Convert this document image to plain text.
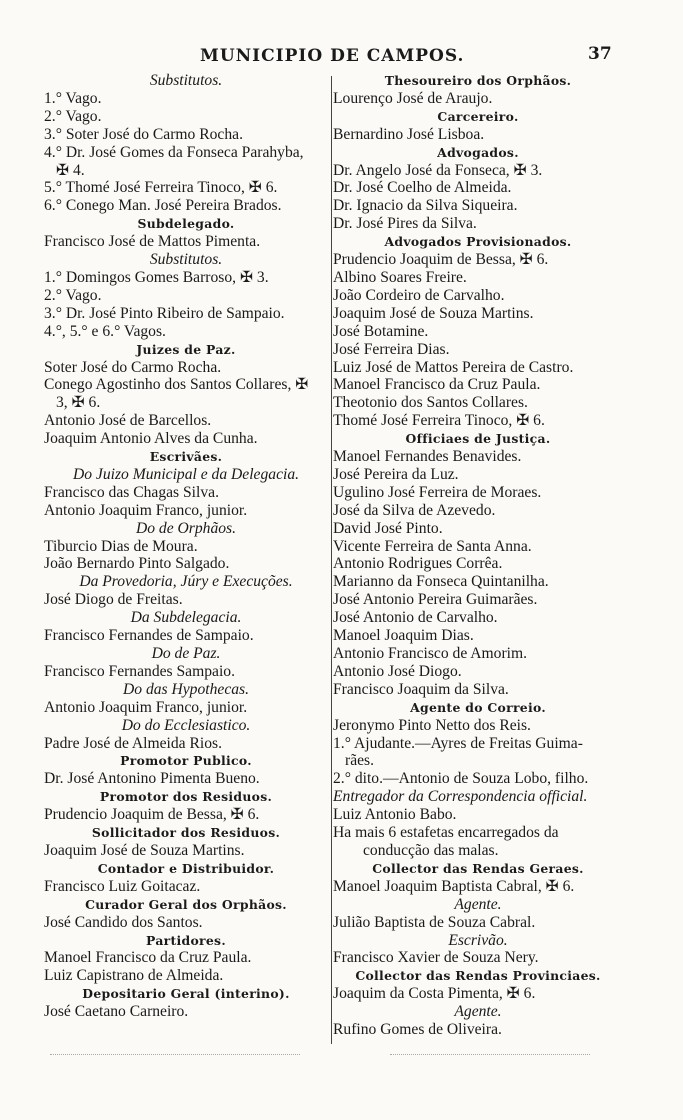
MUNICIPIO DE CAMPOS.	37
Substitutos.
1.° Vago.
2.° Vago.
3.° Soter José do Carmo Rocha.
4.° Dr. José Gomes da Fonseca Parahyba,
✠ 4.
5.° Thomé José Ferreira Tinoco, ✠ 6.
6.° Conego Man. José Pereira Brados.
Subdelegado.
Francisco José de Mattos Pimenta.
Substitutos.
1.° Domingos Gomes Barroso, ✠ 3.
2.° Vago.
3.° Dr. José Pinto Ribeiro de Sampaio.
4.°, 5.° e 6.° Vagos.
Juizes de Paz.
Soter José do Carmo Rocha.
Conego Agostinho dos Santos Collares, ✠
3, ✠ 6.
Antonio José de Barcellos.
Joaquim Antonio Alves da Cunha.
Escrivães.
Do Juizo Municipal e da Delegacia.
Francisco das Chagas Silva.
Antonio Joaquim Franco, junior.
Do de Orphãos.
Tiburcio Dias de Moura.
João Bernardo Pinto Salgado.
Da Provedoria, Júry e Execuções.
José Diogo de Freitas.
Da Subdelegacia.
Francisco Fernandes de Sampaio.
Do de Paz.
Francisco Fernandes Sampaio.
Do das Hypothecas.
Antonio Joaquim Franco, junior.
Do do Ecclesiastico.
Padre José de Almeida Rios.
Promotor Publico.
Dr. José Antonino Pimenta Bueno.
Promotor dos Residuos.
Prudencio Joaquim de Bessa, ✠ 6.
Sollicitador dos Residuos.
Joaquim José de Souza Martins.
Contador e Distribuidor.
Francisco Luiz Goitacaz.
Curador Geral dos Orphãos.
José Candido dos Santos.
Partidores.
Manoel Francisco da Cruz Paula.
Luiz Capistrano de Almeida.
Depositario Geral (interino).
José Caetano Carneiro.
Thesoureiro dos Orphãos.
Lourenço José de Araujo.
Carcereiro.
Bernardino José Lisboa.
Advogados.
Dr. Angelo José da Fonseca, ✠ 3.
Dr. José Coelho de Almeida.
Dr. Ignacio da Silva Siqueira.
Dr. José Pires da Silva.
Advogados Provisionados.
Prudencio Joaquim de Bessa, ✠ 6.
Albino Soares Freire.
João Cordeiro de Carvalho.
Joaquim José de Souza Martins.
José Botamine.
José Ferreira Dias.
Luiz José de Mattos Pereira de Castro.
Manoel Francisco da Cruz Paula.
Theotonio dos Santos Collares.
Thomé José Ferreira Tinoco, ✠ 6.
Officiaes de Justiça.
Manoel Fernandes Benavides.
José Pereira da Luz.
Ugulino José Ferreira de Moraes.
José da Silva de Azevedo.
David José Pinto.
Vicente Ferreira de Santa Anna.
Antonio Rodrigues Corrêa.
Marianno da Fonseca Quintanilha.
José Antonio Pereira Guimarães.
José Antonio de Carvalho.
Manoel Joaquim Dias.
Antonio Francisco de Amorim.
Antonio José Diogo.
Francisco Joaquim da Silva.
Agente do Correio.
Jeronymo Pinto Netto dos Reis.
1.° Ajudante.—Ayres de Freitas Guima-
rães.
2.° dito.—Antonio de Souza Lobo, filho.
Entregador da Correspondencia official.
Luiz Antonio Babo.
Ha mais 6 estafetas encarregados da
conducção das malas.
Collector das Rendas Geraes.
Manoel Joaquim Baptista Cabral, ✠ 6.
Agente.
Julião Baptista de Souza Cabral.
Escrivão.
Francisco Xavier de Souza Nery.
Collector das Rendas Provinciaes.
Joaquim da Costa Pimenta, ✠ 6.
Agente.
Rufino Gomes de Oliveira.
